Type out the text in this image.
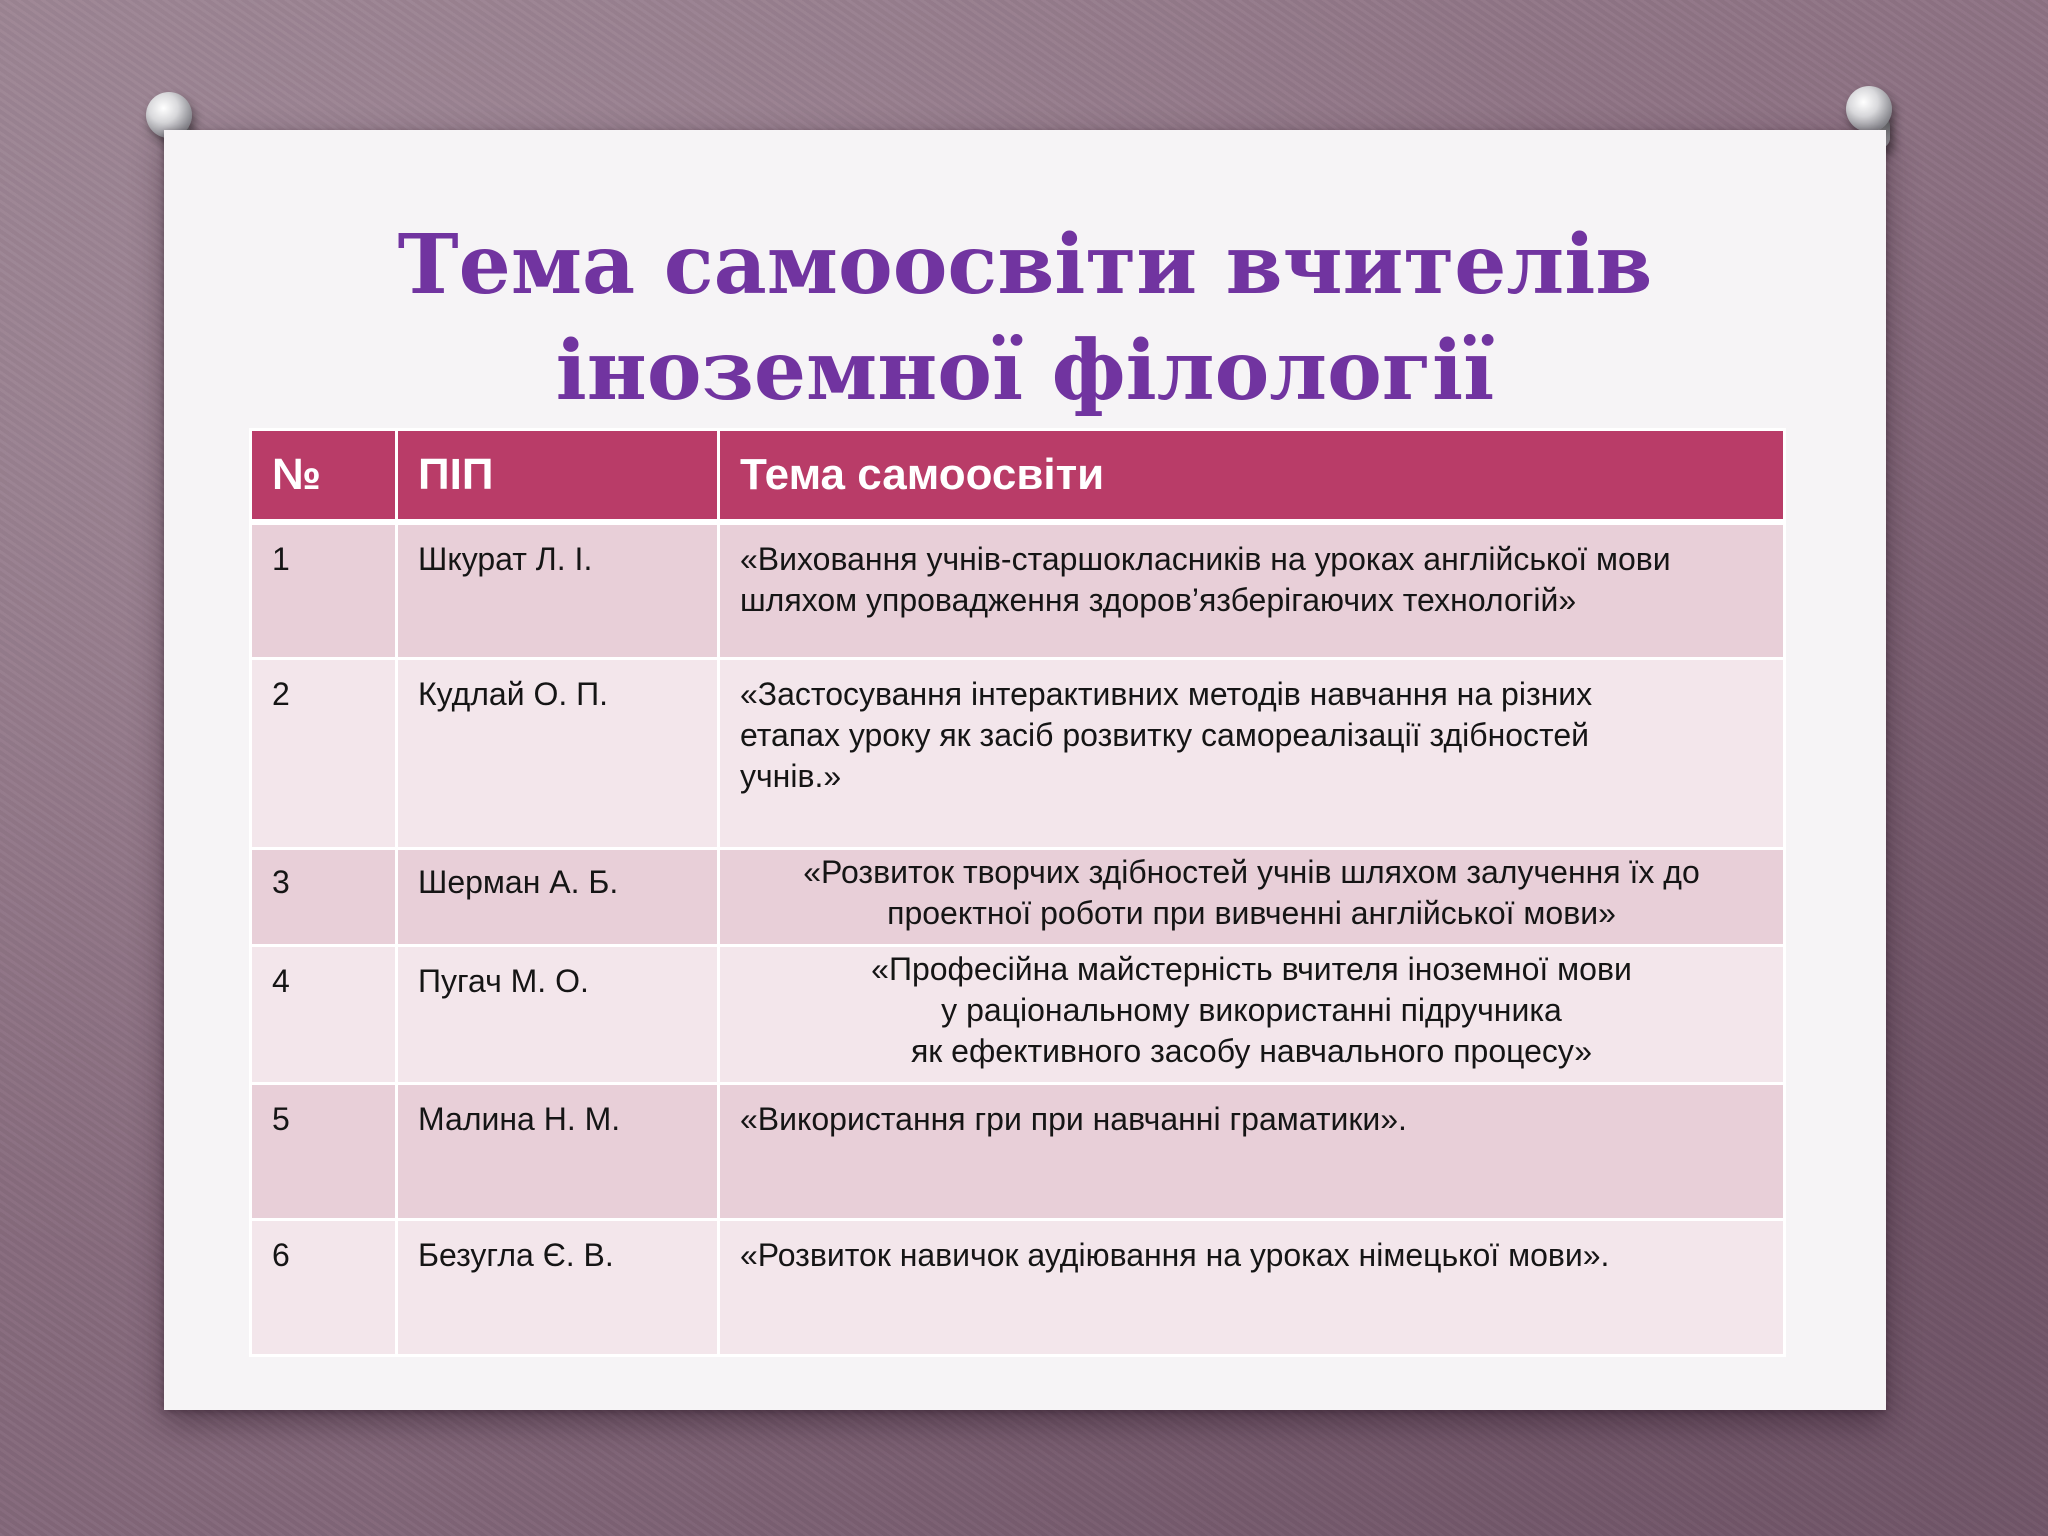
Тема самоосвіти вчителів
іноземної філології
№	ПІП	Тема самоосвіти
1	Шкурат Л. І.	«Виховання учнів-старшокласників на уроках англійської мови
шляхом упровадження здоров’язберігаючих технологій»
2	Кудлай О. П.	«Застосування інтерактивних методів навчання на різних
етапах уроку як засіб розвитку самореалізації здібностей
учнів.»
3	Шерман А. Б.	«Розвиток творчих здібностей учнів шляхом залучення їх до
проектної роботи при вивченні англійської мови»
4	Пугач М. О.	«Професійна майстерність вчителя іноземної мови
у раціональному використанні підручника
як ефективного засобу навчального процесу»
5	Малина Н. М.	«Використання гри при навчанні граматики».
6	Безугла Є. В.	«Розвиток навичок аудіювання на уроках німецької мови».
